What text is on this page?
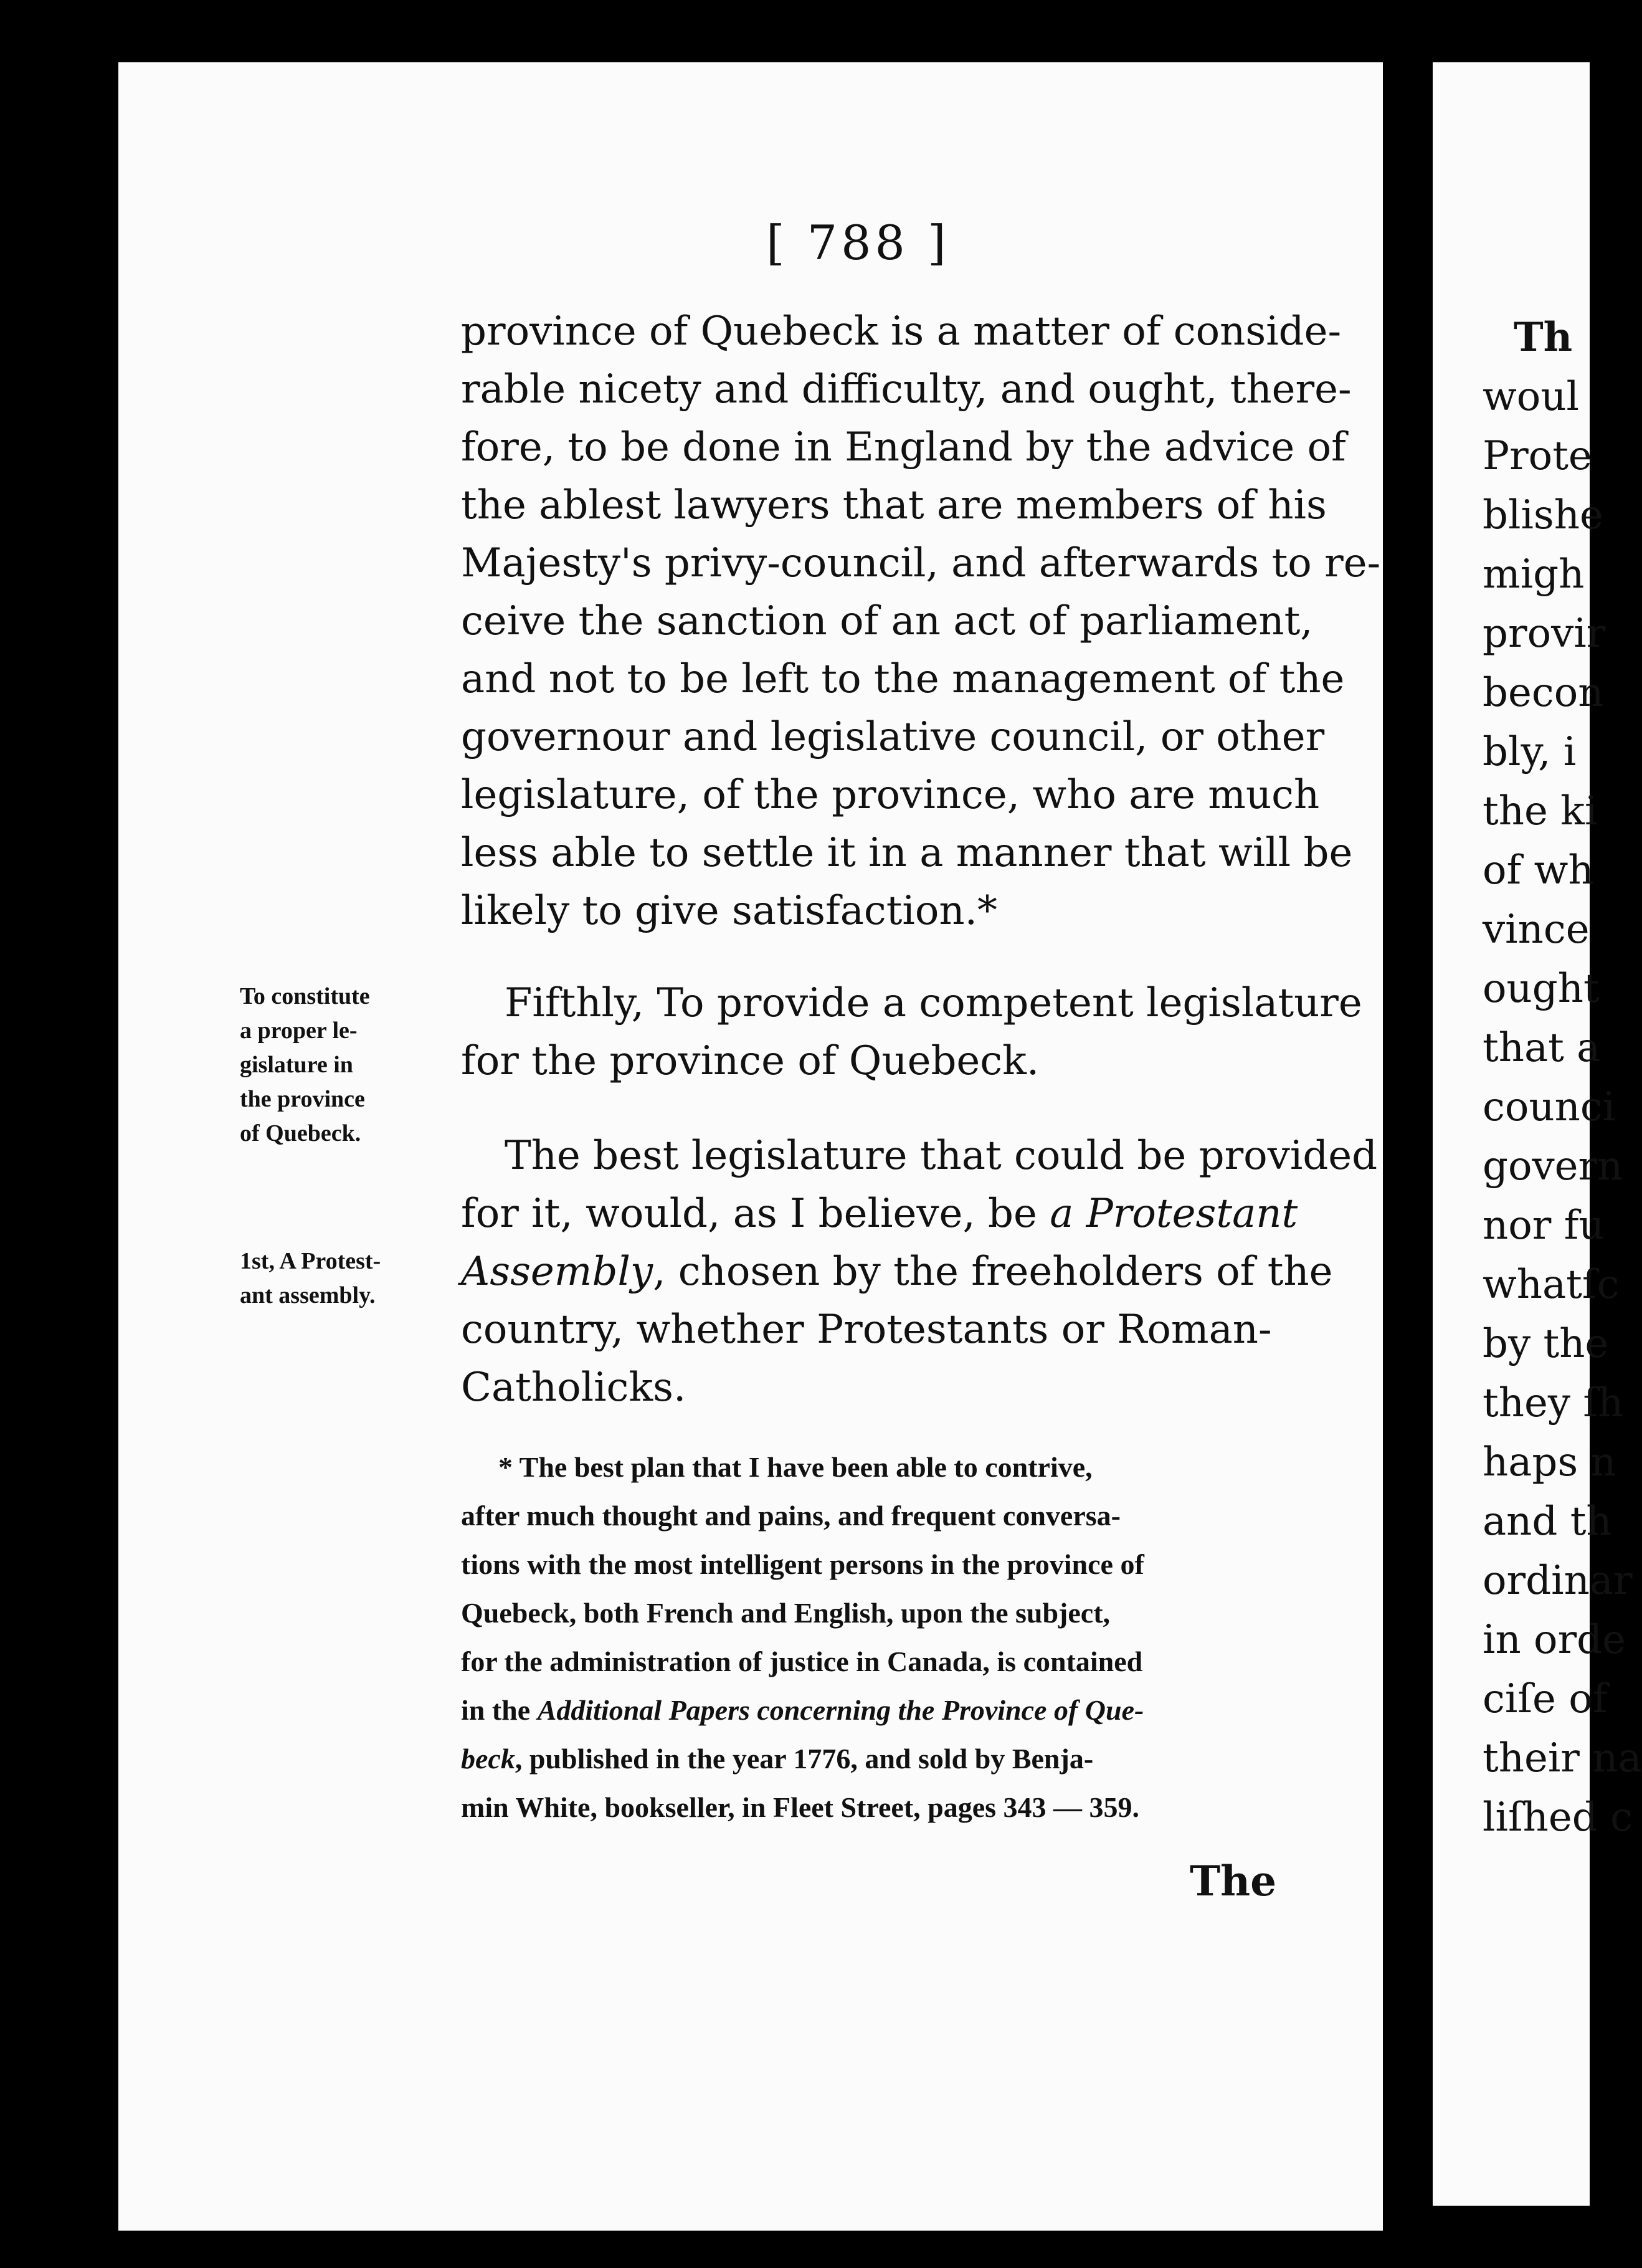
[ 788 ]
province of Quebeck is a matter of conside-
rable nicety and difficulty, and ought, there-
fore, to be done in England by the advice of
the ablest lawyers that are members of his
Majesty's privy-council, and afterwards to re-
ceive the sanction of an act of parliament,
and not to be left to the management of the
governour and legislative council, or other
legislature, of the province, who are much
less able to settle it in a manner that will be
likely to give satisfaction.*
Fifthly, To provide a competent legislature
for the province of Quebeck.
The best legislature that could be provided
for it, would, as I believe, be a Protestant
Assembly, chosen by the freeholders of the
country, whether Protestants or Roman-
Catholicks.
To constitute
a proper le-
gislature in
the province
of Quebeck.
1st, A Protest-
ant assembly.
* The best plan that I have been able to contrive,
after much thought and pains, and frequent conversa-
tions with the most intelligent persons in the province of
Quebeck, both French and English, upon the subject,
for the administration of justice in Canada, is contained
in the Additional Papers concerning the Province of Que-
beck, published in the year 1776, and sold by Benja-
min White, bookseller, in Fleet Street, pages 343 — 359.
The
Th
woul
Prote
blishe
migh
provir
becon
bly, i
the ki
of wh
vince
ought
that a
counci
govern
nor fu
whatſc
by the
they ſh
haps n
and th
ordinar
in orde
ciſe of
their na
liſhed c
